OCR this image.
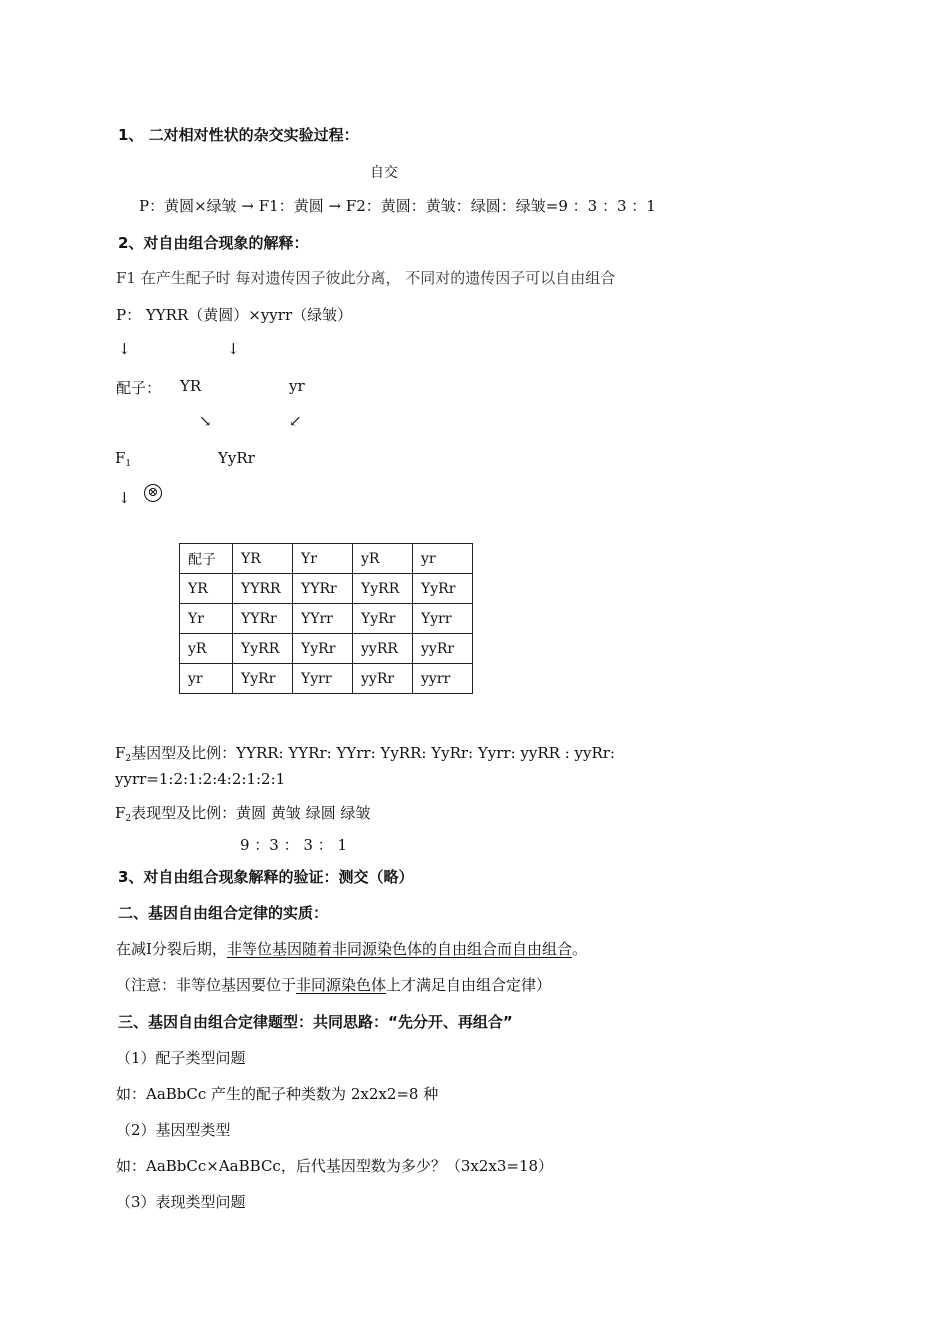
1、 二对相对性状的杂交实验过程：
自交
P：黄圆×绿皱 → F1：黄圆 → F2：黄圆：黄皱：绿圆：绿皱=9 ：3 ：3 ：1
2、对自由组合现象的解释：
F1 在产生配子时 每对遗传因子彼此分离， 不同对的遗传因子可以自由组合
P： YYRR（黄圆）×yyrr（绿皱）
↓	↓
配子： YR	yr
↘	↙
$F_1$	YyRr
↓ ⊗
配子	YR	Yr	yR	yr
YR	YYRR	YYRr	YyRR	YyRr
Yr	YYRr	YYrr	YyRr	Yyrr
yR	YyRR	YyRr	yyRR	yyRr
yr	YyRr	Yyrr	yyRr	yyrr
$F_2$基因型及比例：YYRR: YYRr: YYrr: YyRR: YyRr: Yyrr: yyRR : yyRr:
yyrr=1:2:1:2:4:2:1:2:1
$F_2$表现型及比例：黄圆 黄皱 绿圆 绿皱
9 ：3 ： 3 ： 1
3、对自由组合现象解释的验证：测交（略）
二、基因自由组合定律的实质：
在减Ⅰ分裂后期，非等位基因随着非同源染色体的自由组合而自由组合。
（注意：非等位基因要位于非同源染色体上才满足自由组合定律）
三、基因自由组合定律题型：共同思路：“先分开、再组合”
（1）配子类型问题
如：AaBbCc 产生的配子种类数为 2x2x2=8 种
（2）基因型类型
如：AaBbCc×AaBBCc，后代基因型数为多少？（3x2x3=18）
（3）表现类型问题
